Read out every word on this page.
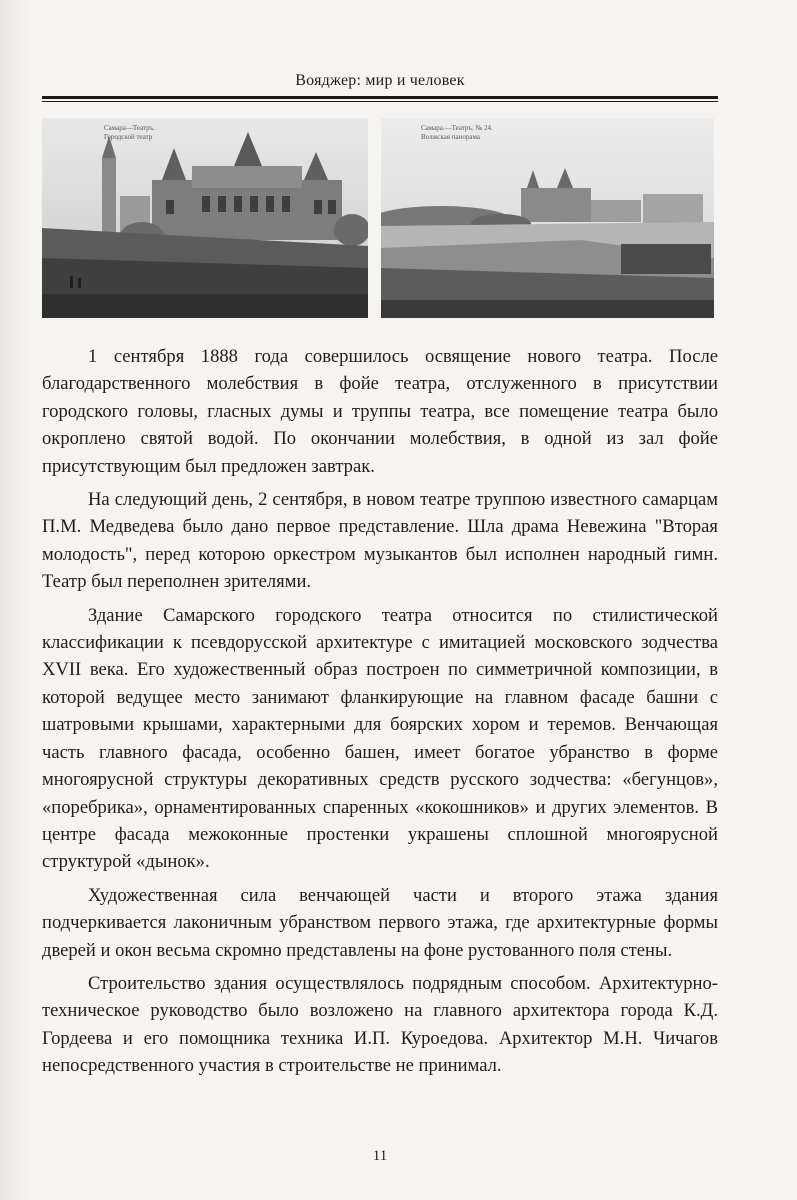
Вояджер: мир и человек
Самара—Театръ.
Городской театр
Самара.—Театръ. № 24.
Волжская панорама

1 сентября 1888 года совершилось освящение нового театра. После благодарственного молебствия в фойе театра, отслуженного в присутствии городского головы, гласных думы и труппы театра, все помещение театра было окроплено святой водой. По окончании молебствия, в одной из зал фойе присутствующим был предложен завтрак.

На следующий день, 2 сентября, в новом театре труппою известного самарцам П.М. Медведева было дано первое представление. Шла драма Невежина "Вторая молодость", перед которою оркестром музыкантов был исполнен народный гимн. Театр был переполнен зрителями.

Здание Самарского городского театра относится по стилистической классификации к псевдорусской архитектуре с имитацией московского зодчества XVII века. Его художественный образ построен по симметричной композиции, в которой ведущее место занимают фланкирующие на главном фасаде башни с шатровыми крышами, характерными для боярских хором и теремов. Венчающая часть главного фасада, особенно башен, имеет богатое убранство в форме многоярусной структуры декоративных средств русского зодчества: «бегунцов», «поребрика», орнаментированных спаренных «кокошников» и других элементов. В центре фасада межоконные простенки украшены сплошной многоярусной структурой «дынок».

Художественная сила венчающей части и второго этажа здания подчеркивается лаконичным убранством первого этажа, где архитектурные формы дверей и окон весьма скромно представлены на фоне рустованного поля стены.

Строительство здания осуществлялось подрядным способом. Архитектурно-техническое руководство было возложено на главного архитектора города К.Д. Гордеева и его помощника техника И.П. Куроедова. Архитектор М.Н. Чичагов непосредственного участия в строительстве не принимал.

11
